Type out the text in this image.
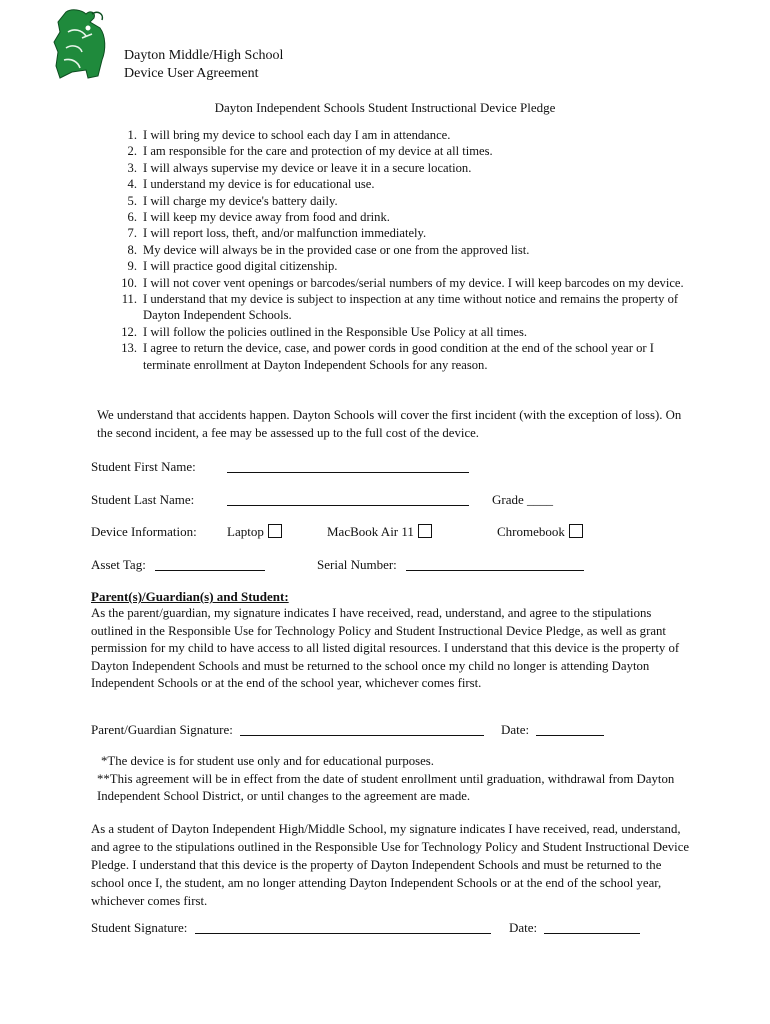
Dayton Middle/High School
Device User Agreement
Dayton Independent Schools Student Instructional Device Pledge
1. I will bring my device to school each day I am in attendance.
2. I am responsible for the care and protection of my device at all times.
3. I will always supervise my device or leave it in a secure location.
4. I understand my device is for educational use.
5. I will charge my device's battery daily.
6. I will keep my device away from food and drink.
7. I will report loss, theft, and/or malfunction immediately.
8. My device will always be in the provided case or one from the approved list.
9. I will practice good digital citizenship.
10. I will not cover vent openings or barcodes/serial numbers of my device. I will keep barcodes on my device.
11. I understand that my device is subject to inspection at any time without notice and remains the property of Dayton Independent Schools.
12. I will follow the policies outlined in the Responsible Use Policy at all times.
13. I agree to return the device, case, and power cords in good condition at the end of the school year or I terminate enrollment at Dayton Independent Schools for any reason.
We understand that accidents happen. Dayton Schools will cover the first incident (with the exception of loss). On the second incident, a fee may be assessed up to the full cost of the device.
Student First Name:
Student Last Name:	Grade ____
Device Information: Laptop	MacBook Air 11	Chromebook
Asset Tag:	Serial Number:
Parent(s)/Guardian(s) and Student:
As the parent/guardian, my signature indicates I have received, read, understand, and agree to the stipulations outlined in the Responsible Use for Technology Policy and Student Instructional Device Pledge, as well as grant permission for my child to have access to all listed digital resources. I understand that this device is the property of Dayton Independent Schools and must be returned to the school once my child no longer is attending Dayton Independent Schools or at the end of the school year, whichever comes first.
Parent/Guardian Signature:	Date:
*The device is for student use only and for educational purposes.
**This agreement will be in effect from the date of student enrollment until graduation, withdrawal from Dayton Independent School District, or until changes to the agreement are made.
As a student of Dayton Independent High/Middle School, my signature indicates I have received, read, understand, and agree to the stipulations outlined in the Responsible Use for Technology Policy and Student Instructional Device Pledge. I understand that this device is the property of Dayton Independent Schools and must be returned to the school once I, the student, am no longer attending Dayton Independent Schools or at the end of the school year, whichever comes first.
Student Signature:	Date:
